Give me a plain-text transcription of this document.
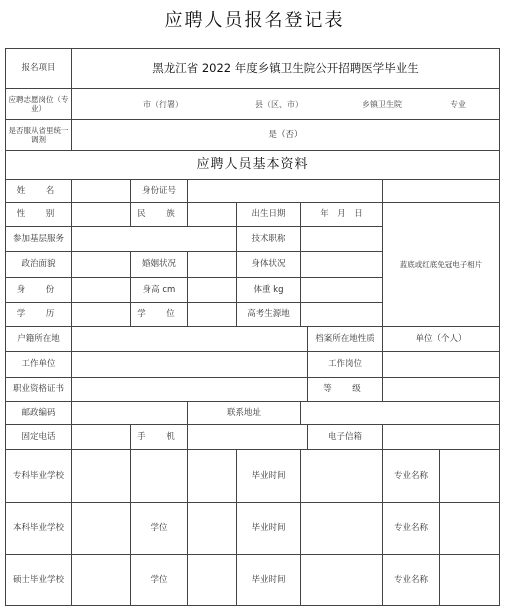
应聘人员报名登记表
报名项目	黑龙江省 2022 年度乡镇卫生院公开招聘医学毕业生
应聘志愿岗位（专业）	市（行署）	县（区、市）	乡镇卫生院	专业
是否服从省里统一调剂	是（否）
应聘人员基本资料
姓　名	身份证号
蓝底或红底免冠电子相片
性　别	民　族	出生日期	年　月　日
参加基层服务	技术职称
政治面貌	婚姻状况	身体状况
身　份	身高 cm	体重 kg
学　历	学　位	高考生源地
户籍所在地	档案所在地性质	单位（个人）
工作单位	工作岗位
职业资格证书	等　级
邮政编码	联系地址
固定电话	手　机	电子信箱
专科毕业学校	毕业时间	专业名称
本科毕业学校	学位	毕业时间	专业名称
硕士毕业学校	学位	毕业时间	专业名称
